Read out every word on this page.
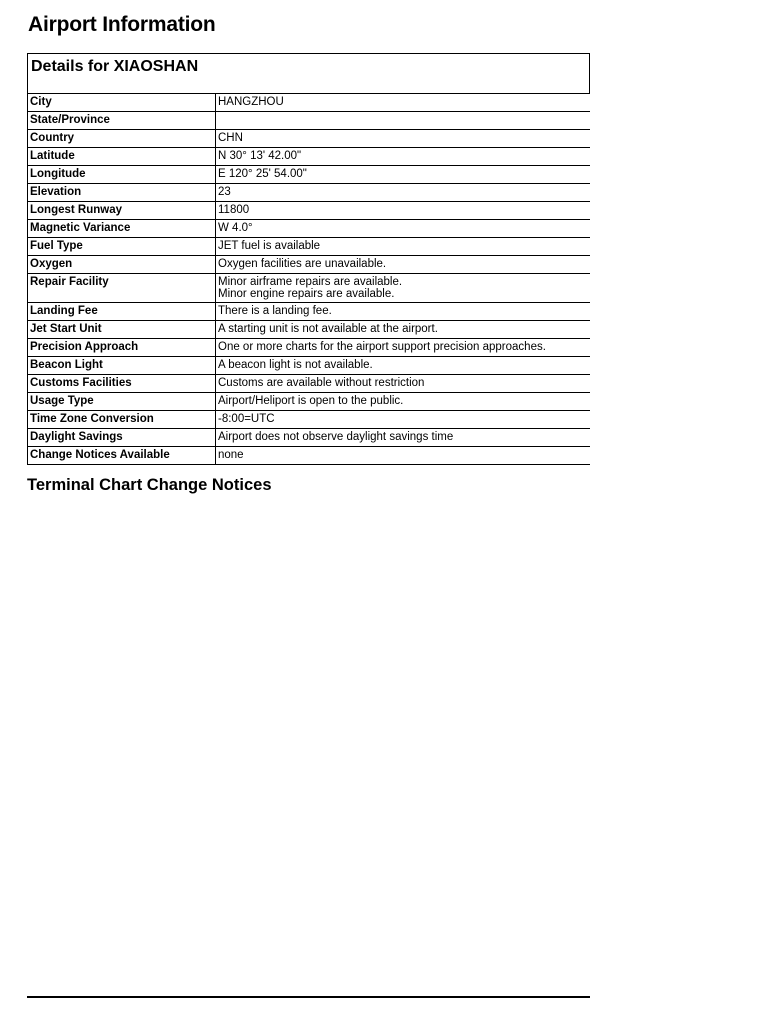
Airport Information
Details for XIAOSHAN
City	HANGZHOU

State/Province	

Country	CHN

Latitude	N 30° 13' 42.00"

Longitude	E 120° 25' 54.00"

Elevation	23

Longest Runway	11800

Magnetic Variance	W 4.0°

Fuel Type	JET fuel is available

Oxygen	Oxygen facilities are unavailable.

Repair Facility	Minor airframe repairs are available.
Minor engine repairs are available.

Landing Fee	There is a landing fee.

Jet Start Unit	A starting unit is not available at the airport.

Precision Approach	One or more charts for the airport support precision approaches.

Beacon Light	A beacon light is not available.

Customs Facilities	Customs are available without restriction

Usage Type	Airport/Heliport is open to the public.

Time Zone Conversion	-8:00=UTC

Daylight Savings	Airport does not observe daylight savings time

Change Notices Available	none
Terminal Chart Change Notices
